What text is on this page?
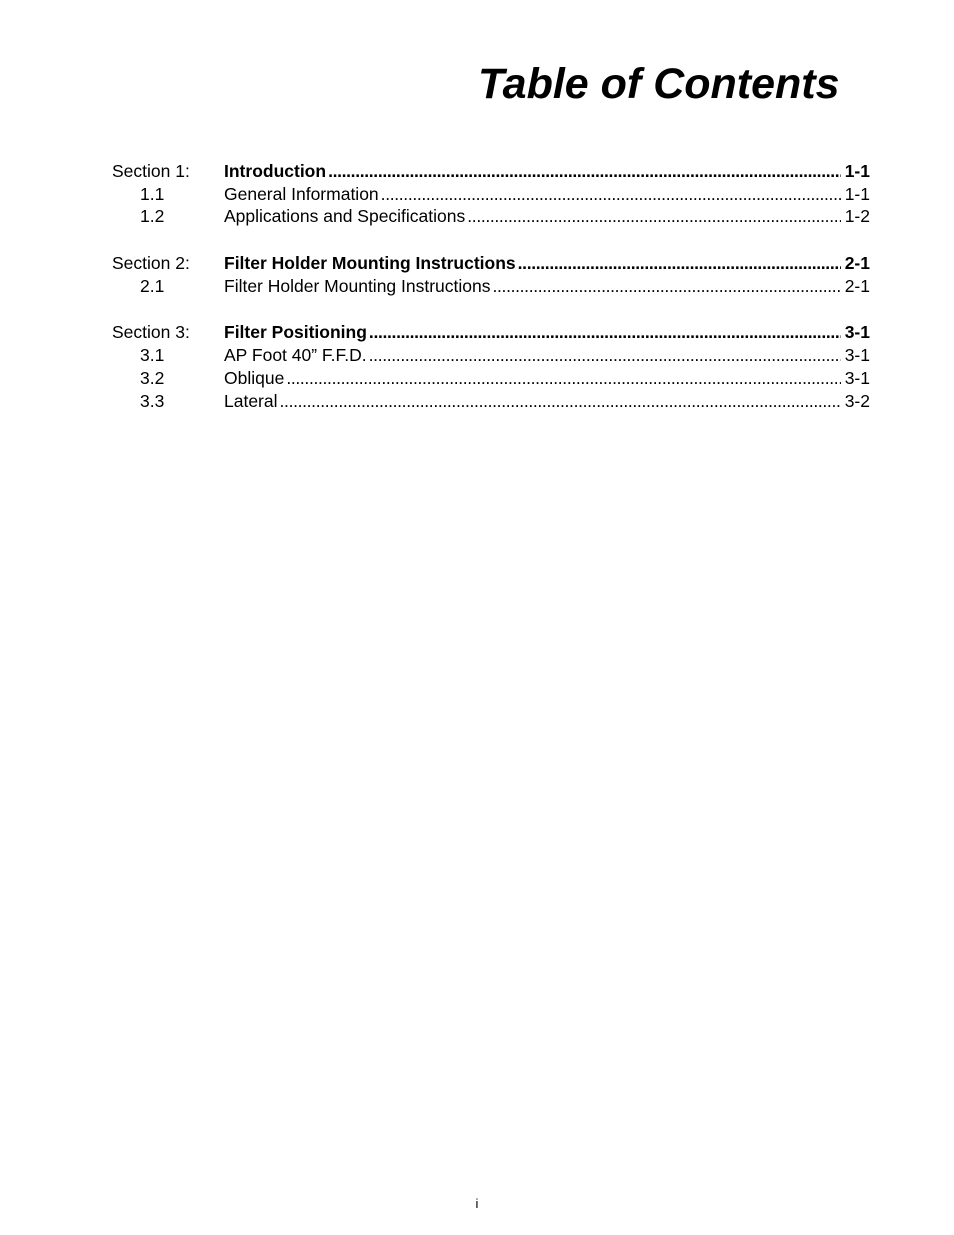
Table of Contents
Section 1:	Introduction . . .	1-1
1.1	General Information . . .	1-1
1.2	Applications and Specifications . . .	1-2
Section 2:	Filter Holder Mounting Instructions . . .	2-1
2.1	Filter Holder Mounting Instructions . . .	2-1
Section 3:	Filter Positioning . . .	3-1
3.1	AP Foot 40” F.F.D. . . .	3-1
3.2	Oblique . . .	3-1
3.3	Lateral . . .	3-2
i
